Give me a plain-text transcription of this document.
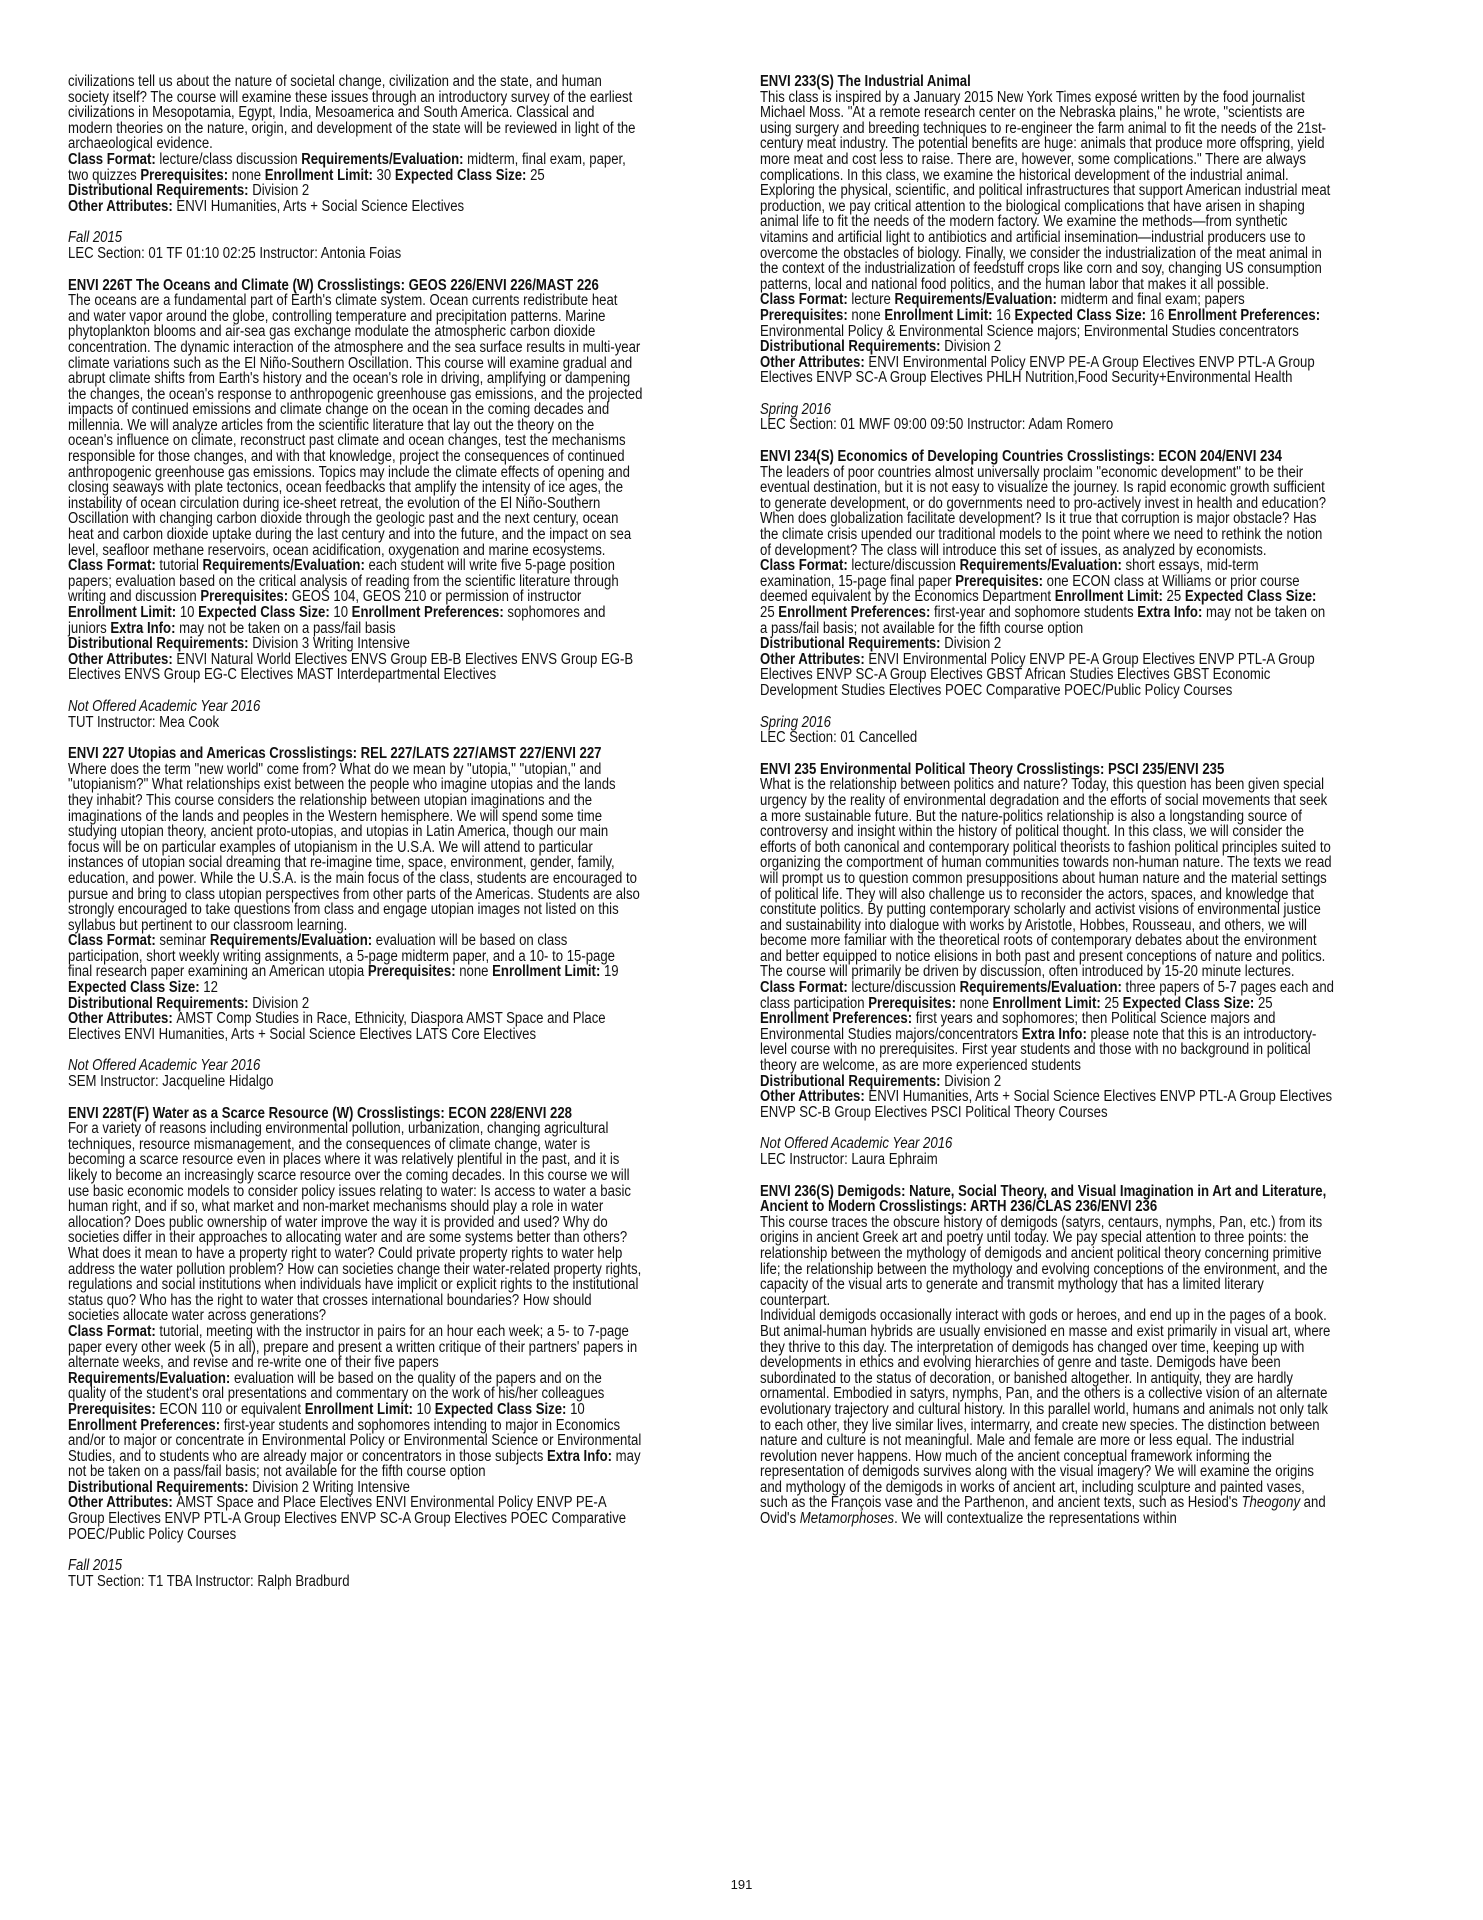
civilizations tell us about the nature of societal change, civilization and the state, and human society itself? The course will examine these issues through an introductory survey of the earliest civilizations in Mesopotamia, Egypt, India, Mesoamerica and South America. Classical and modern theories on the nature, origin, and development of the state will be reviewed in light of the archaeological evidence.
Class Format: lecture/class discussion Requirements/Evaluation: midterm, final exam, paper, two quizzes Prerequisites: none Enrollment Limit: 30 Expected Class Size: 25
Distributional Requirements: Division 2
Other Attributes: ENVI Humanities, Arts + Social Science Electives
Fall 2015
LEC Section: 01 TF 01:10 02:25 Instructor: Antonia Foias
ENVI 226T The Oceans and Climate (W) Crosslistings: GEOS 226/ENVI 226/MAST 226
The oceans are a fundamental part of Earth's climate system. Ocean currents redistribute heat and water vapor around the globe, controlling temperature and precipitation patterns. Marine phytoplankton blooms and air-sea gas exchange modulate the atmospheric carbon dioxide concentration. The dynamic interaction of the atmosphere and the sea surface results in multi-year climate variations such as the El Niño-Southern Oscillation. This course will examine gradual and abrupt climate shifts from Earth's history and the ocean's role in driving, amplifying or dampening the changes, the ocean's response to anthropogenic greenhouse gas emissions, and the projected impacts of continued emissions and climate change on the ocean in the coming decades and millennia. We will analyze articles from the scientific literature that lay out the theory on the ocean's influence on climate, reconstruct past climate and ocean changes, test the mechanisms responsible for those changes, and with that knowledge, project the consequences of continued anthropogenic greenhouse gas emissions. Topics may include the climate effects of opening and closing seaways with plate tectonics, ocean feedbacks that amplify the intensity of ice ages, the instability of ocean circulation during ice-sheet retreat, the evolution of the El Niño-Southern Oscillation with changing carbon dioxide through the geologic past and the next century, ocean heat and carbon dioxide uptake during the last century and into the future, and the impact on sea level, seafloor methane reservoirs, ocean acidification, oxygenation and marine ecosystems.
Class Format: tutorial Requirements/Evaluation: each student will write five 5-page position papers; evaluation based on the critical analysis of reading from the scientific literature through writing and discussion Prerequisites: GEOS 104, GEOS 210 or permission of instructor Enrollment Limit: 10 Expected Class Size: 10 Enrollment Preferences: sophomores and juniors Extra Info: may not be taken on a pass/fail basis
Distributional Requirements: Division 3 Writing Intensive
Other Attributes: ENVI Natural World Electives ENVS Group EB-B Electives ENVS Group EG-B Electives ENVS Group EG-C Electives MAST Interdepartmental Electives
Not Offered Academic Year 2016
TUT Instructor: Mea Cook
ENVI 227 Utopias and Americas Crosslistings: REL 227/LATS 227/AMST 227/ENVI 227
Where does the term "new world" come from? What do we mean by "utopia," "utopian," and "utopianism?" What relationships exist between the people who imagine utopias and the lands they inhabit? This course considers the relationship between utopian imaginations and the imaginations of the lands and peoples in the Western hemisphere. We will spend some time studying utopian theory, ancient proto-utopias, and utopias in Latin America, though our main focus will be on particular examples of utopianism in the U.S.A. We will attend to particular instances of utopian social dreaming that re-imagine time, space, environment, gender, family, education, and power. While the U.S.A. is the main focus of the class, students are encouraged to pursue and bring to class utopian perspectives from other parts of the Americas. Students are also strongly encouraged to take questions from class and engage utopian images not listed on this syllabus but pertinent to our classroom learning.
Class Format: seminar Requirements/Evaluation: evaluation will be based on class participation, short weekly writing assignments, a 5-page midterm paper, and a 10- to 15-page final research paper examining an American utopia Prerequisites: none Enrollment Limit: 19 Expected Class Size: 12
Distributional Requirements: Division 2
Other Attributes: AMST Comp Studies in Race, Ethnicity, Diaspora AMST Space and Place Electives ENVI Humanities, Arts + Social Science Electives LATS Core Electives
Not Offered Academic Year 2016
SEM Instructor: Jacqueline Hidalgo
ENVI 228T(F) Water as a Scarce Resource (W) Crosslistings: ECON 228/ENVI 228
For a variety of reasons including environmental pollution, urbanization, changing agricultural techniques, resource mismanagement, and the consequences of climate change, water is becoming a scarce resource even in places where it was relatively plentiful in the past, and it is likely to become an increasingly scarce resource over the coming decades. In this course we will use basic economic models to consider policy issues relating to water: Is access to water a basic human right, and if so, what market and non-market mechanisms should play a role in water allocation? Does public ownership of water improve the way it is provided and used? Why do societies differ in their approaches to allocating water and are some systems better than others? What does it mean to have a property right to water? Could private property rights to water help address the water pollution problem? How can societies change their water-related property rights, regulations and social institutions when individuals have implicit or explicit rights to the institutional status quo? Who has the right to water that crosses international boundaries? How should societies allocate water across generations?
Class Format: tutorial, meeting with the instructor in pairs for an hour each week; a 5- to 7-page paper every other week (5 in all), prepare and present a written critique of their partners' papers in alternate weeks, and revise and re-write one of their five papers
Requirements/Evaluation: evaluation will be based on the quality of the papers and on the quality of the student's oral presentations and commentary on the work of his/her colleagues
Prerequisites: ECON 110 or equivalent Enrollment Limit: 10 Expected Class Size: 10
Enrollment Preferences: first-year students and sophomores intending to major in Economics and/or to major or concentrate in Environmental Policy or Environmental Science or Environmental Studies, and to students who are already major or concentrators in those subjects Extra Info: may not be taken on a pass/fail basis; not available for the fifth course option
Distributional Requirements: Division 2 Writing Intensive
Other Attributes: AMST Space and Place Electives ENVI Environmental Policy ENVP PE-A Group Electives ENVP PTL-A Group Electives ENVP SC-A Group Electives POEC Comparative POEC/Public Policy Courses
Fall 2015
TUT Section: T1 TBA Instructor: Ralph Bradburd
ENVI 233(S) The Industrial Animal
This class is inspired by a January 2015 New York Times exposé written by the food journalist Michael Moss. "At a remote research center on the Nebraska plains," he wrote, "scientists are using surgery and breeding techniques to re-engineer the farm animal to fit the needs of the 21st-century meat industry. The potential benefits are huge: animals that produce more offspring, yield more meat and cost less to raise. There are, however, some complications." There are always complications. In this class, we examine the historical development of the industrial animal. Exploring the physical, scientific, and political infrastructures that support American industrial meat production, we pay critical attention to the biological complications that have arisen in shaping animal life to fit the needs of the modern factory. We examine the methods—from synthetic vitamins and artificial light to antibiotics and artificial insemination—industrial producers use to overcome the obstacles of biology. Finally, we consider the industrialization of the meat animal in the context of the industrialization of feedstuff crops like corn and soy, changing US consumption patterns, local and national food politics, and the human labor that makes it all possible.
Class Format: lecture Requirements/Evaluation: midterm and final exam; papers Prerequisites: none Enrollment Limit: 16 Expected Class Size: 16 Enrollment Preferences: Environmental Policy & Environmental Science majors; Environmental Studies concentrators
Distributional Requirements: Division 2
Other Attributes: ENVI Environmental Policy ENVP PE-A Group Electives ENVP PTL-A Group Electives ENVP SC-A Group Electives PHLH Nutrition,Food Security+Environmental Health
Spring 2016
LEC Section: 01 MWF 09:00 09:50 Instructor: Adam Romero
ENVI 234(S) Economics of Developing Countries Crosslistings: ECON 204/ENVI 234
The leaders of poor countries almost universally proclaim "economic development" to be their eventual destination, but it is not easy to visualize the journey. Is rapid economic growth sufficient to generate development, or do governments need to pro-actively invest in health and education? When does globalization facilitate development? Is it true that corruption is major obstacle? Has the climate crisis upended our traditional models to the point where we need to rethink the notion of development? The class will introduce this set of issues, as analyzed by economists.
Class Format: lecture/discussion Requirements/Evaluation: short essays, mid-term examination, 15-page final paper Prerequisites: one ECON class at Williams or prior course deemed equivalent by the Economics Department Enrollment Limit: 25 Expected Class Size: 25 Enrollment Preferences: first-year and sophomore students Extra Info: may not be taken on a pass/fail basis; not available for the fifth course option
Distributional Requirements: Division 2
Other Attributes: ENVI Environmental Policy ENVP PE-A Group Electives ENVP PTL-A Group Electives ENVP SC-A Group Electives GBST African Studies Electives GBST Economic Development Studies Electives POEC Comparative POEC/Public Policy Courses
Spring 2016
LEC Section: 01 Cancelled
ENVI 235 Environmental Political Theory Crosslistings: PSCI 235/ENVI 235
What is the relationship between politics and nature? Today, this question has been given special urgency by the reality of environmental degradation and the efforts of social movements that seek a more sustainable future. But the nature-politics relationship is also a longstanding source of controversy and insight within the history of political thought. In this class, we will consider the efforts of both canonical and contemporary political theorists to fashion political principles suited to organizing the comportment of human communities towards non-human nature. The texts we read will prompt us to question common presuppositions about human nature and the material settings of political life. They will also challenge us to reconsider the actors, spaces, and knowledge that constitute politics. By putting contemporary scholarly and activist visions of environmental justice and sustainability into dialogue with works by Aristotle, Hobbes, Rousseau, and others, we will become more familiar with the theoretical roots of contemporary debates about the environment and better equipped to notice elisions in both past and present conceptions of nature and politics. The course will primarily be driven by discussion, often introduced by 15-20 minute lectures.
Class Format: lecture/discussion Requirements/Evaluation: three papers of 5-7 pages each and class participation Prerequisites: none Enrollment Limit: 25 Expected Class Size: 25 Enrollment Preferences: first years and sophomores; then Political Science majors and Environmental Studies majors/concentrators Extra Info: please note that this is an introductory-level course with no prerequisites. First year students and those with no background in political theory are welcome, as are more experienced students
Distributional Requirements: Division 2
Other Attributes: ENVI Humanities, Arts + Social Science Electives ENVP PTL-A Group Electives ENVP SC-B Group Electives PSCI Political Theory Courses
Not Offered Academic Year 2016
LEC Instructor: Laura Ephraim
ENVI 236(S) Demigods: Nature, Social Theory, and Visual Imagination in Art and Literature, Ancient to Modern Crosslistings: ARTH 236/CLAS 236/ENVI 236
This course traces the obscure history of demigods (satyrs, centaurs, nymphs, Pan, etc.) from its origins in ancient Greek art and poetry until today. We pay special attention to three points: the relationship between the mythology of demigods and ancient political theory concerning primitive life; the relationship between the mythology and evolving conceptions of the environment, and the capacity of the visual arts to generate and transmit mythology that has a limited literary counterpart.
Individual demigods occasionally interact with gods or heroes, and end up in the pages of a book. But animal-human hybrids are usually envisioned en masse and exist primarily in visual art, where they thrive to this day. The interpretation of demigods has changed over time, keeping up with developments in ethics and evolving hierarchies of genre and taste. Demigods have been subordinated to the status of decoration, or banished altogether. In antiquity, they are hardly ornamental. Embodied in satyrs, nymphs, Pan, and the others is a collective vision of an alternate evolutionary trajectory and cultural history. In this parallel world, humans and animals not only talk to each other, they live similar lives, intermarry, and create new species. The distinction between nature and culture is not meaningful. Male and female are more or less equal. The industrial revolution never happens. How much of the ancient conceptual framework informing the representation of demigods survives along with the visual imagery? We will examine the origins and mythology of the demigods in works of ancient art, including sculpture and painted vases, such as the François vase and the Parthenon, and ancient texts, such as Hesiod's Theogony and Ovid's Metamorphoses. We will contextualize the representations within
191
